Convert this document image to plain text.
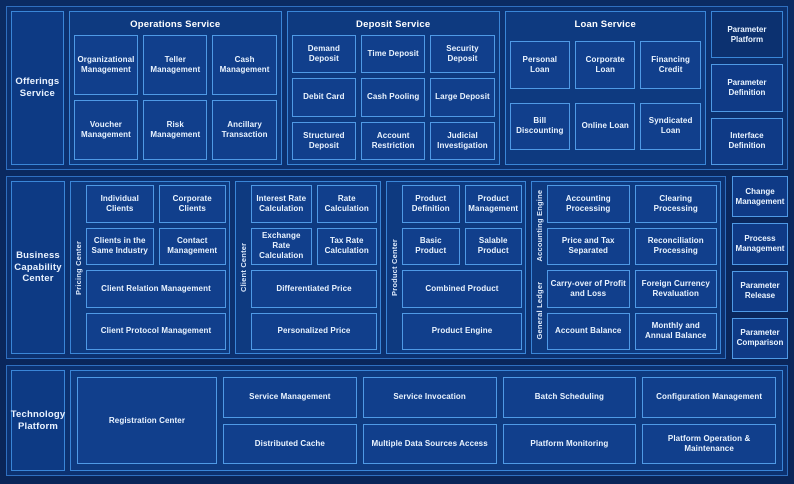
Offerings Service
Operations Service
Organizational Management
Teller Management
Cash Management
Voucher Management
Risk Management
Ancillary Transaction
Deposit Service
Demand Deposit
Time Deposit
Security Deposit
Debit Card	Cash Pooling	Large Deposit
Structured Deposit
Account Restriction
Judicial Investigation
Loan Service
Personal Loan
Corporate Loan
Financing Credit
Bill Discounting
Online Loan
Syndicated Loan
Parameter Platform
Parameter Definition
Interface Definition
Business Capability Center	Pricing Center
Individual Clients
Corporate Clients
Clients in the Same Industry
Contact Management
Client Relation Management
Client Protocol Management
Client Center
Interest Rate Calculation
Rate Calculation
Exchange Rate Calculation
Tax Rate Calculation
Differentiated Price
Personalized Price
Product Center
Product Definition
Product Management
Basic Product
Salable Product
Combined Product
Product Engine
Accounting Engine
General Ledger
Accounting Processing
Clearing Processing
Price and Tax Separated
Reconciliation Processing
Carry-over of Profit and Loss
Foreign Currency Revaluation
Account Balance
Monthly and Annual Balance
Change Management
Process Management
Parameter Release
Parameter Comparison
Technology Platform
Registration Center
Service Management	Service Invocation	Batch Scheduling	Configuration Management
Distributed Cache	Multiple Data Sources Access	Platform Monitoring
Platform Operation & Maintenance
